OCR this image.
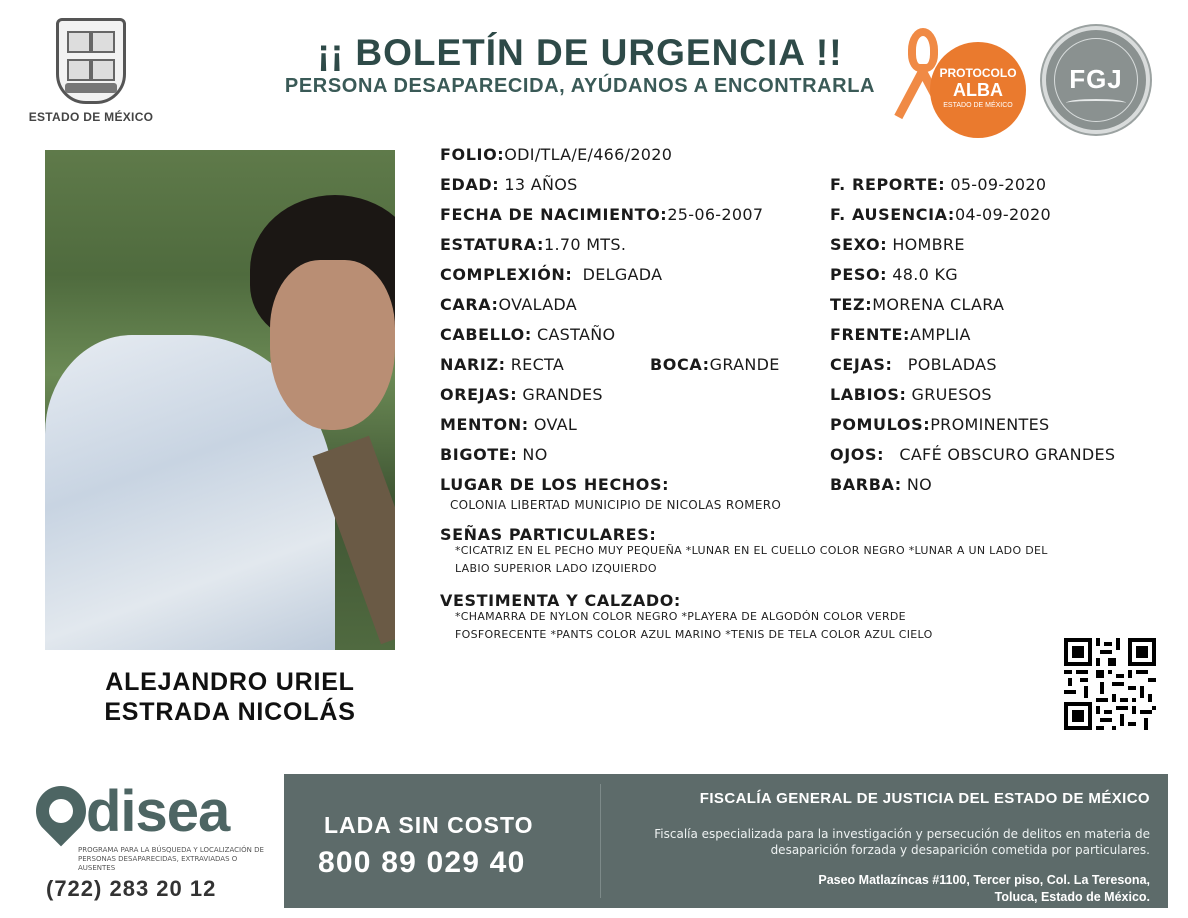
ESTADO DE MÉXICO
¡¡ BOLETÍN DE URGENCIA !!
PERSONA DESAPARECIDA, AYÚDANOS A ENCONTRARLA
PROTOCOLO
ALBA
ESTADO DE MÉXICO
FGJ
ALEJANDRO URIEL
ESTRADA NICOLÁS
FOLIO:ODI/TLA/E/466/2020
EDAD: 13 AÑOS
FECHA DE NACIMIENTO:25-06-2007
ESTATURA:1.70 MTS.
COMPLEXIÓN: DELGADA
CARA:OVALADA
CABELLO: CASTAÑO
NARIZ: RECTA	BOCA:GRANDE
OREJAS: GRANDES
MENTON: OVAL
BIGOTE: NO
F. REPORTE: 05-09-2020
F. AUSENCIA:04-09-2020
SEXO: HOMBRE
PESO: 48.0 KG
TEZ:MORENA CLARA
FRENTE:AMPLIA
CEJAS: POBLADAS
LABIOS: GRUESOS
POMULOS:PROMINENTES
OJOS: CAFÉ OBSCURO GRANDES
BARBA: NO
LUGAR DE LOS HECHOS:
COLONIA LIBERTAD MUNICIPIO DE NICOLAS ROMERO
SEÑAS PARTICULARES:
*CICATRIZ EN EL PECHO MUY PEQUEÑA *LUNAR EN EL CUELLO COLOR NEGRO *LUNAR A UN LADO DEL
LABIO SUPERIOR LADO IZQUIERDO
VESTIMENTA Y CALZADO:
*CHAMARRA DE NYLON COLOR NEGRO *PLAYERA DE ALGODÓN COLOR VERDE
FOSFORECENTE *PANTS COLOR AZUL MARINO *TENIS DE TELA COLOR AZUL CIELO
disea
PROGRAMA PARA LA BÚSQUEDA Y LOCALIZACIÓN DE PERSONAS DESAPARECIDAS, EXTRAVIADAS O AUSENTES
(722) 283 20 12
LADA SIN COSTO
800 89 029 40
FISCALÍA GENERAL DE JUSTICIA DEL ESTADO DE MÉXICO
Fiscalía especializada para la investigación y persecución de delitos en materia de desaparición forzada y desaparición cometida por particulares.
Paseo Matlazíncas #1100, Tercer piso, Col. La Teresona,
Toluca, Estado de México.
